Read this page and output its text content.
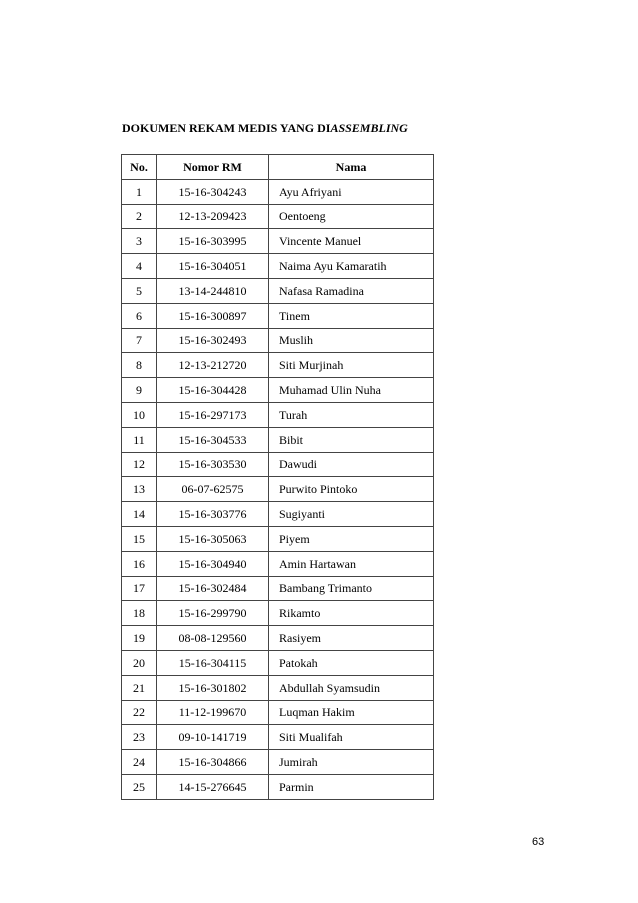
DOKUMEN REKAM MEDIS YANG DIASSEMBLING
No.	Nomor RM	Nama
1	15-16-304243	Ayu Afriyani
2	12-13-209423	Oentoeng
3	15-16-303995	Vincente Manuel
4	15-16-304051	Naima Ayu Kamaratih
5	13-14-244810	Nafasa Ramadina
6	15-16-300897	Tinem
7	15-16-302493	Muslih
8	12-13-212720	Siti Murjinah
9	15-16-304428	Muhamad Ulin Nuha
10	15-16-297173	Turah
11	15-16-304533	Bibit
12	15-16-303530	Dawudi
13	06-07-62575	Purwito Pintoko
14	15-16-303776	Sugiyanti
15	15-16-305063	Piyem
16	15-16-304940	Amin Hartawan
17	15-16-302484	Bambang Trimanto
18	15-16-299790	Rikamto
19	08-08-129560	Rasiyem
20	15-16-304115	Patokah
21	15-16-301802	Abdullah Syamsudin
22	11-12-199670	Luqman Hakim
23	09-10-141719	Siti Mualifah
24	15-16-304866	Jumirah
25	14-15-276645	Parmin
63
